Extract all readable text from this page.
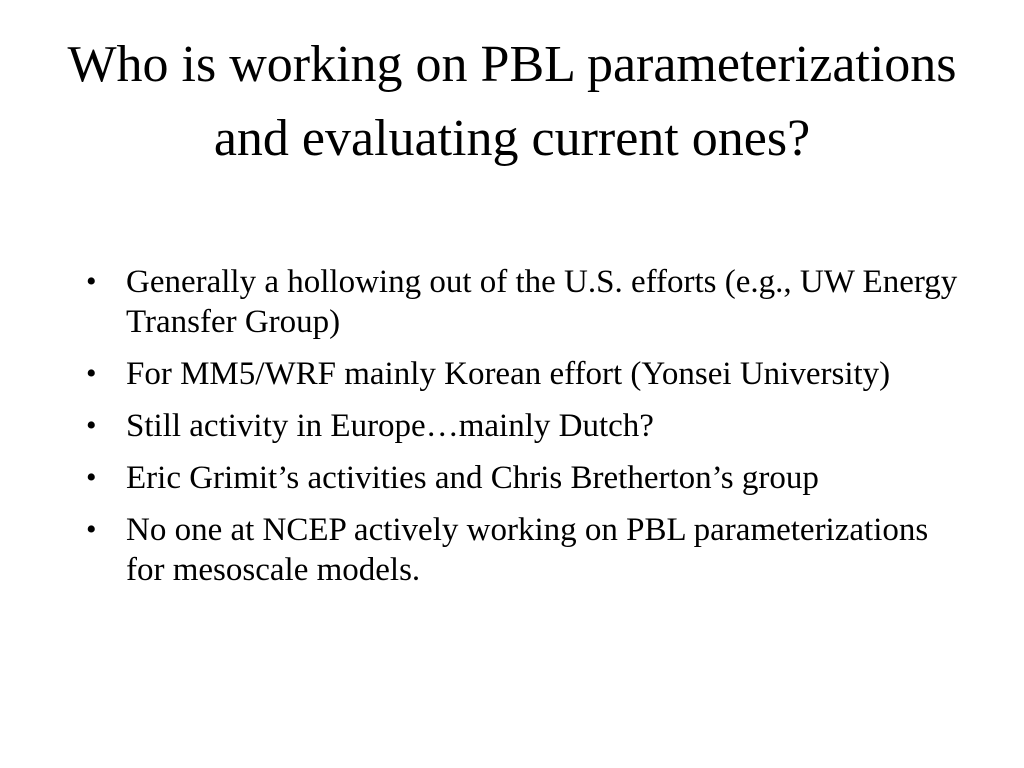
Who is working on PBL parameterizations and evaluating current ones?
• Generally a hollowing out of the U.S. efforts (e.g., UW Energy Transfer Group)
• For MM5/WRF mainly Korean effort (Yonsei University)
• Still activity in Europe…mainly Dutch?
• Eric Grimit’s activities and Chris Bretherton’s group
• No one at NCEP actively working on PBL parameterizations for mesoscale models.
